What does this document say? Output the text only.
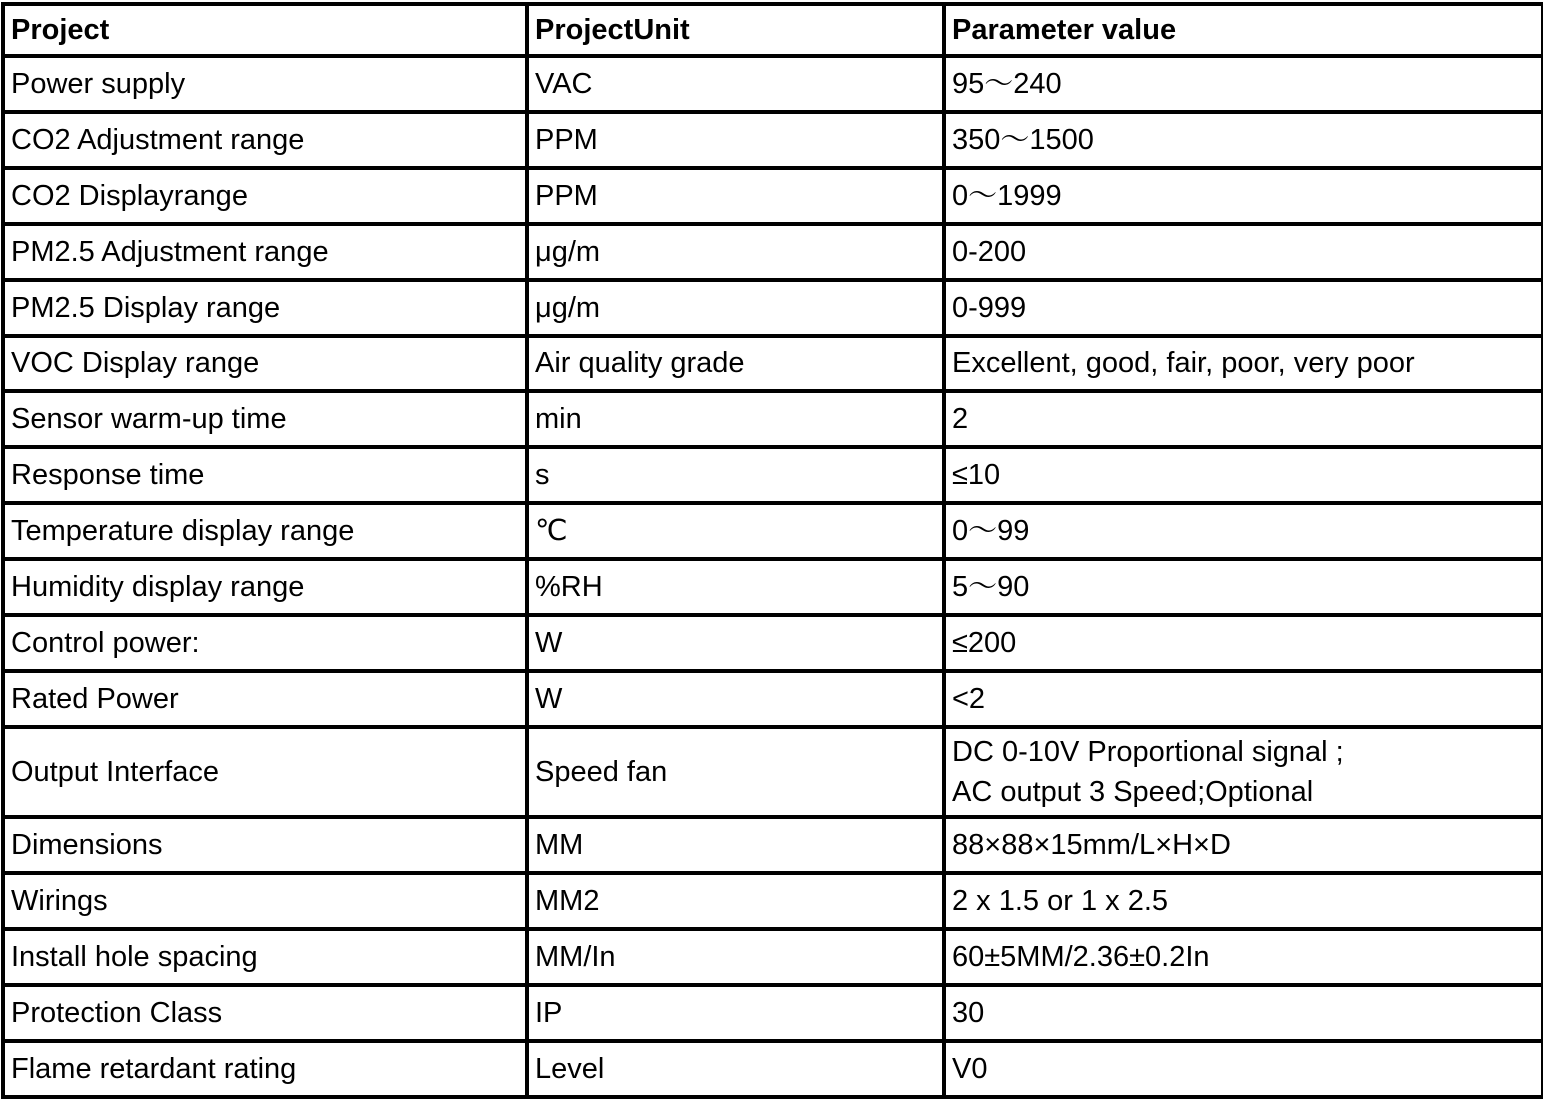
Project	ProjectUnit	Parameter value
Power supply	VAC	95～240

CO2 Adjustment range	PPM	350～1500

CO2 Displayrange	PPM	0～1999

PM2.5 Adjustment range	μg/m	0-200

PM2.5 Display range	μg/m	0-999

VOC Display range	Air quality grade	Excellent, good, fair, poor, very poor

Sensor warm-up time	min	2

Response time	s	≤10

Temperature display range	℃	0～99

Humidity display range	%RH	5～90

Control power:	W	≤200

Rated Power	W	<2

Output Interface	Speed fan	DC 0-10V Proportional signal ;
AC output 3 Speed;Optional

Dimensions	MM	88×88×15mm/L×H×D

Wirings	MM2	2 x 1.5 or 1 x 2.5

Install hole spacing	MM/In	60±5MM/2.36±0.2In

Protection Class	IP	30

Flame retardant rating	Level	V0
